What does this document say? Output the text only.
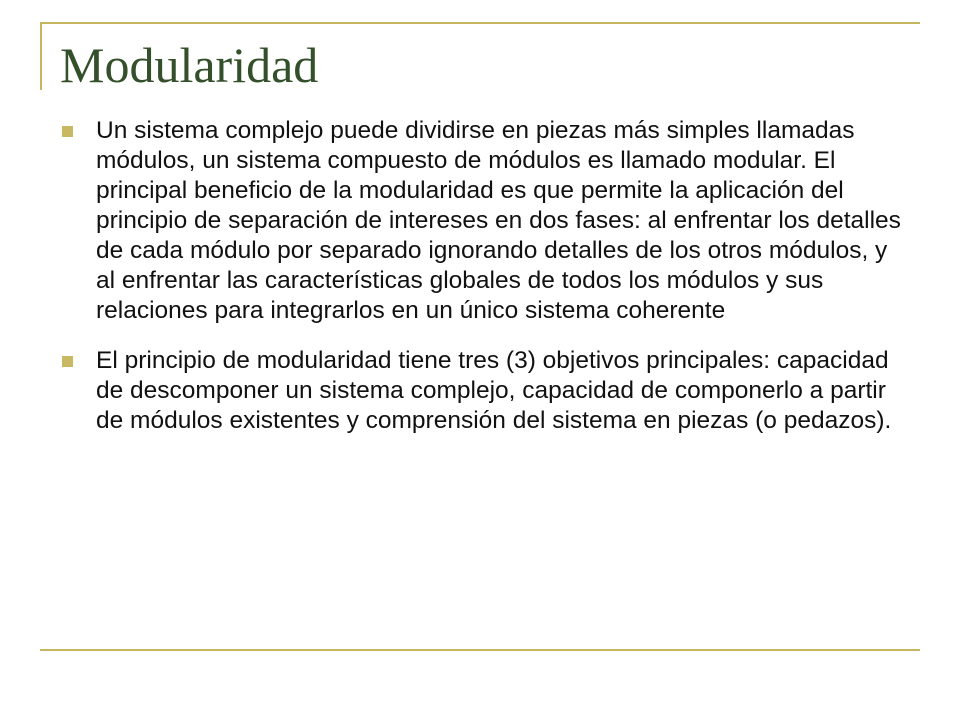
Modularidad
Un sistema complejo puede dividirse en piezas más simples llamadas módulos, un sistema compuesto de módulos es llamado modular. El principal beneficio de la modularidad es que permite la aplicación del principio de separación de intereses en dos fases: al enfrentar los detalles de cada módulo por separado ignorando detalles de los otros módulos, y al enfrentar las características globales de todos los módulos y sus relaciones para integrarlos en un único sistema coherente
El principio de modularidad tiene tres (3) objetivos principales: capacidad de descomponer un sistema complejo, capacidad de componerlo a partir de módulos existentes y comprensión del sistema en piezas (o pedazos).
